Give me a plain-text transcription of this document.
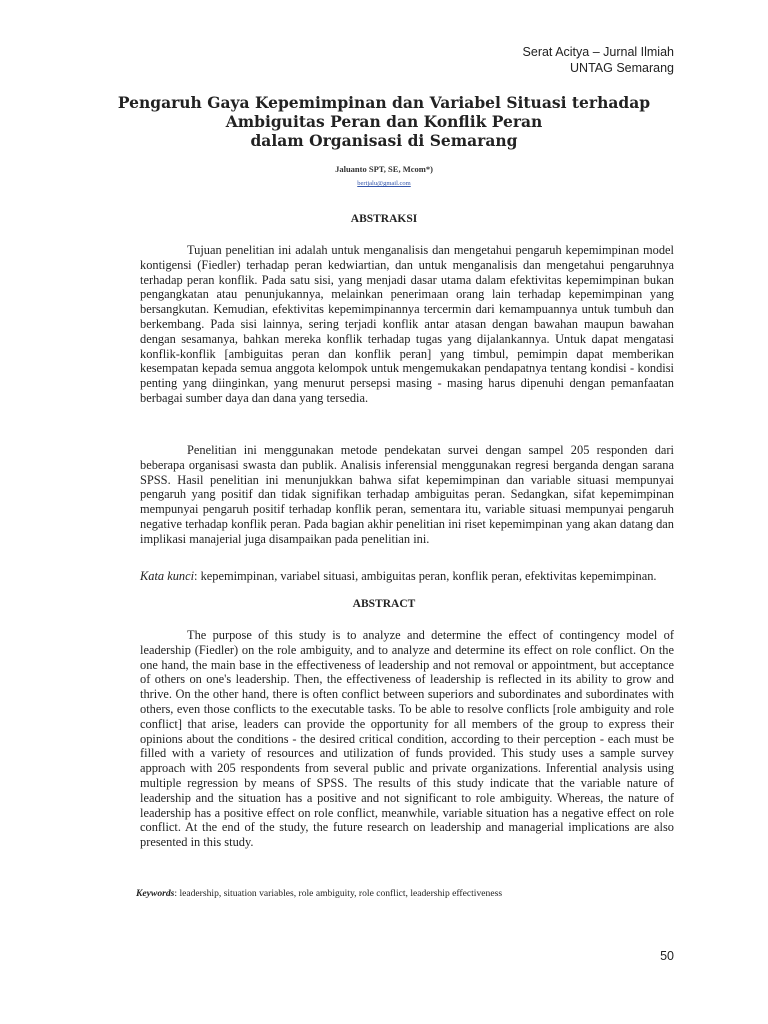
Serat Acitya – Jurnal Ilmiah
UNTAG Semarang
Pengaruh Gaya Kepemimpinan dan Variabel Situasi terhadap
Ambiguitas Peran dan Konflik Peran
dalam Organisasi di Semarang
Jaluanto SPT, SE, Mcom*)
bertjalu@gmail.com
ABSTRAKSI

Tujuan penelitian ini adalah untuk menganalisis dan mengetahui pengaruh kepemimpinan model kontigensi (Fiedler) terhadap peran kedwiartian, dan untuk menganalisis dan mengetahui pengaruhnya terhadap peran konflik. Pada satu sisi, yang menjadi dasar utama dalam efektivitas kepemimpinan bukan pengangkatan atau penunjukannya, melainkan penerimaan orang lain terhadap kepemimpinan yang bersangkutan. Kemudian, efektivitas kepemimpinannya tercermin dari kemampuannya untuk tumbuh dan berkembang. Pada sisi lainnya, sering terjadi konflik antar atasan dengan bawahan maupun bawahan dengan sesamanya, bahkan mereka konflik terhadap tugas yang dijalankannya. Untuk dapat mengatasi konflik-konflik [ambiguitas peran dan konflik peran] yang timbul, pemimpin dapat memberikan kesempatan kepada semua anggota kelompok untuk mengemukakan pendapatnya tentang kondisi - kondisi penting yang diinginkan, yang menurut persepsi masing - masing harus dipenuhi dengan pemanfaatan berbagai sumber daya dan dana yang tersedia.

Penelitian ini menggunakan metode pendekatan survei dengan sampel 205 responden dari beberapa organisasi swasta dan publik. Analisis inferensial menggunakan regresi berganda dengan sarana SPSS. Hasil penelitian ini menunjukkan bahwa sifat kepemimpinan dan variable situasi mempunyai pengaruh yang positif dan tidak signifikan terhadap ambiguitas peran. Sedangkan, sifat kepemimpinan mempunyai pengaruh positif terhadap konflik peran, sementara itu, variable situasi mempunyai pengaruh negative terhadap konflik peran. Pada bagian akhir penelitian ini riset kepemimpinan yang akan datang dan implikasi manajerial juga disampaikan pada penelitian ini.

Kata kunci: kepemimpinan, variabel situasi, ambiguitas peran, konflik peran, efektivitas kepemimpinan.

ABSTRACT

The purpose of this study is to analyze and determine the effect of contingency model of leadership (Fiedler) on the role ambiguity, and to analyze and determine its effect on role conflict. On the one hand, the main base in the effectiveness of leadership and not removal or appointment, but acceptance of others on one's leadership. Then, the effectiveness of leadership is reflected in its ability to grow and thrive. On the other hand, there is often conflict between superiors and subordinates and subordinates with others, even those conflicts to the executable tasks. To be able to resolve conflicts [role ambiguity and role conflict] that arise, leaders can provide the opportunity for all members of the group to express their opinions about the conditions - the desired critical condition, according to their perception - each must be filled with a variety of resources and utilization of funds provided. This study uses a sample survey approach with 205 respondents from several public and private organizations. Inferential analysis using multiple regression by means of SPSS. The results of this study indicate that the variable nature of leadership and the situation has a positive and not significant to role ambiguity. Whereas, the nature of leadership has a positive effect on role conflict, meanwhile, variable situation has a negative effect on role conflict. At the end of the study, the future research on leadership and managerial implications are also presented in this study.

Keywords: leadership, situation variables, role ambiguity, role conflict, leadership effectiveness

50
